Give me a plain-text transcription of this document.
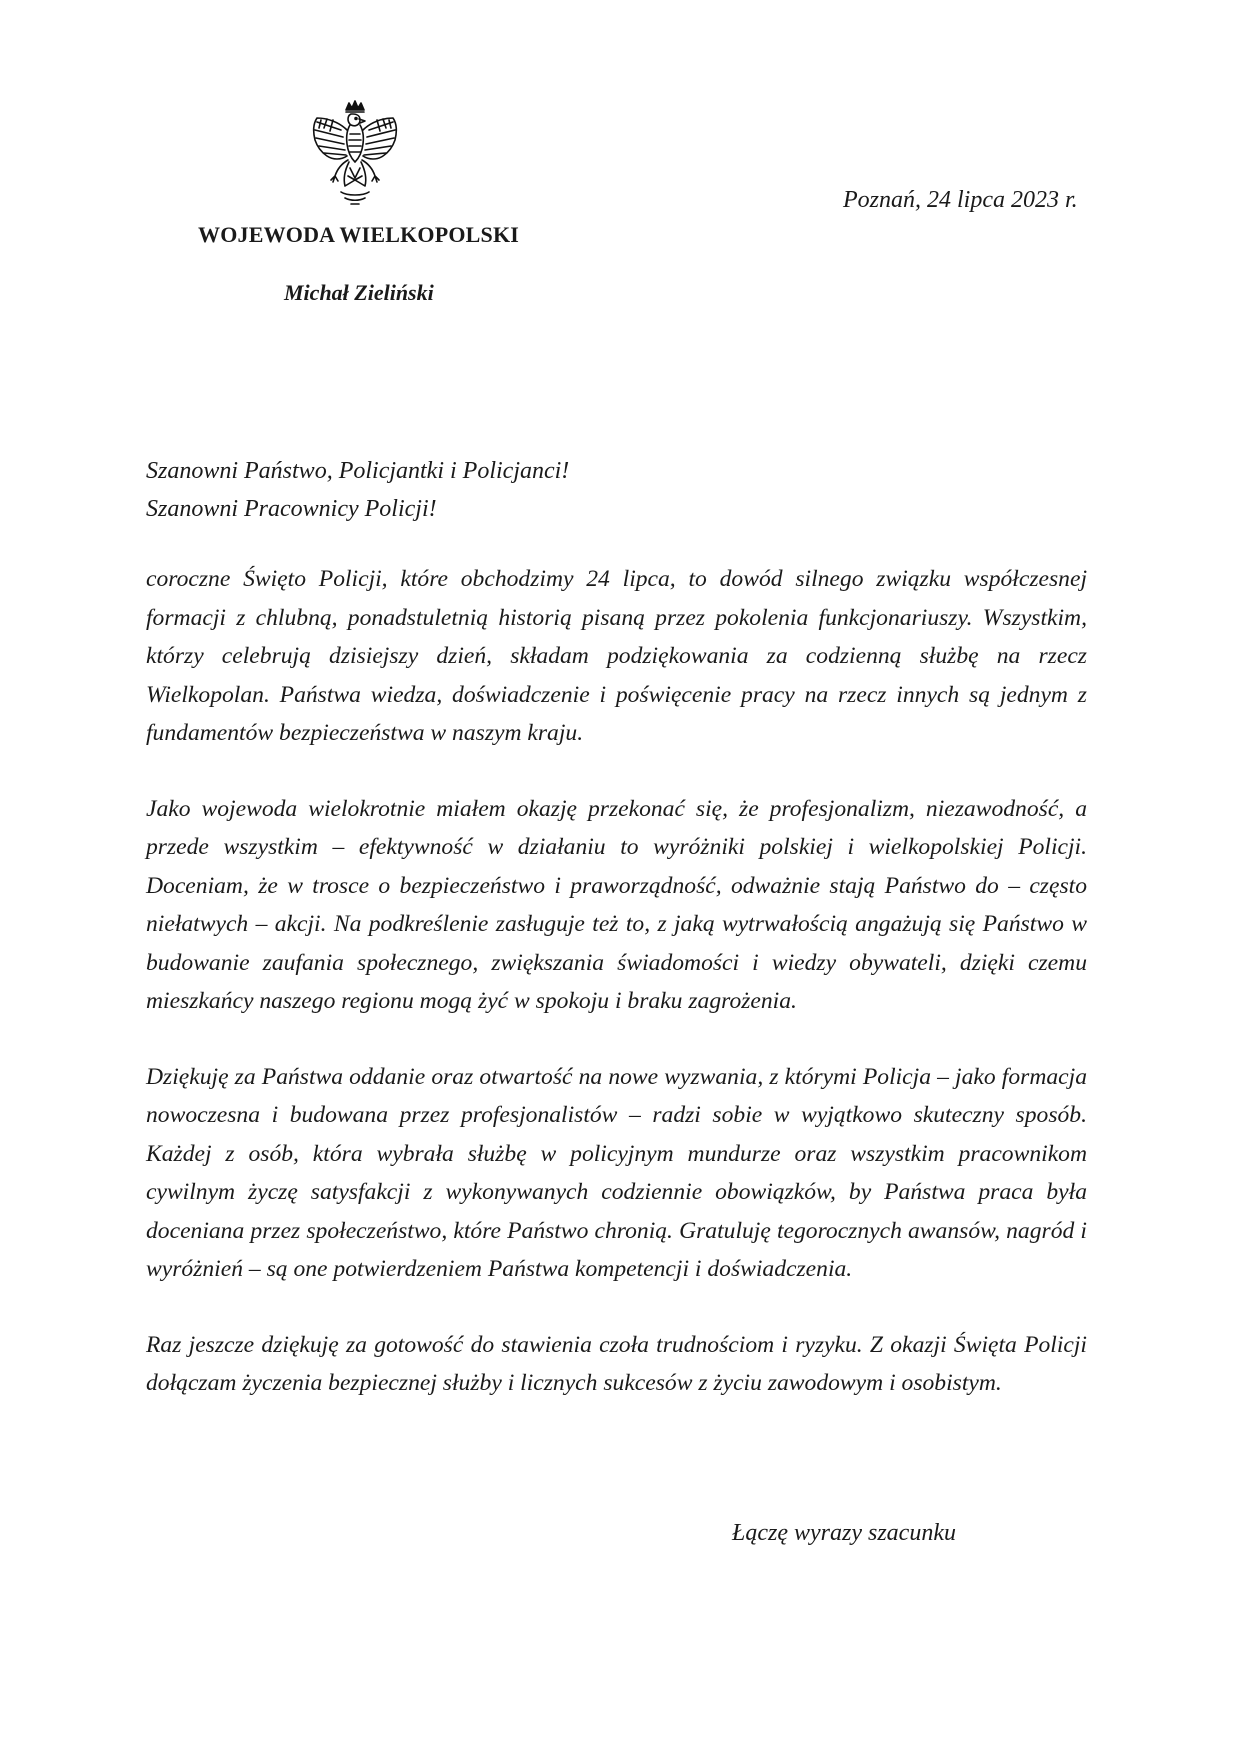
WOJEWODA WIELKOPOLSKI
Michał Zieliński
Poznań, 24 lipca 2023 r.
Szanowni Państwo, Policjantki i Policjanci!
Szanowni Pracownicy Policji!

coroczne Święto Policji, które obchodzimy 24 lipca, to dowód silnego związku współczesnej formacji z chlubną, ponadstuletnią historią pisaną przez pokolenia funkcjonariuszy. Wszystkim, którzy celebrują dzisiejszy dzień, składam podziękowania za codzienną służbę na rzecz Wielkopolan. Państwa wiedza, doświadczenie i poświęcenie pracy na rzecz innych są jednym z fundamentów bezpieczeństwa w naszym kraju.

Jako wojewoda wielokrotnie miałem okazję przekonać się, że profesjonalizm, niezawodność, a przede wszystkim – efektywność w działaniu to wyróżniki polskiej i wielkopolskiej Policji. Doceniam, że w trosce o bezpieczeństwo i praworządność, odważnie stają Państwo do – często niełatwych – akcji. Na podkreślenie zasługuje też to, z jaką wytrwałością angażują się Państwo w budowanie zaufania społecznego, zwiększania świadomości i wiedzy obywateli, dzięki czemu mieszkańcy naszego regionu mogą żyć w spokoju i braku zagrożenia.

Dziękuję za Państwa oddanie oraz otwartość na nowe wyzwania, z którymi Policja – jako formacja nowoczesna i budowana przez profesjonalistów – radzi sobie w wyjątkowo skuteczny sposób. Każdej z osób, która wybrała służbę w policyjnym mundurze oraz wszystkim pracownikom cywilnym życzę satysfakcji z wykonywanych codziennie obowiązków, by Państwa praca była doceniana przez społeczeństwo, które Państwo chronią. Gratuluję tegorocznych awansów, nagród i wyróżnień – są one potwierdzeniem Państwa kompetencji i doświadczenia.

Raz jeszcze dziękuję za gotowość do stawienia czoła trudnościom i ryzyku. Z okazji Święta Policji dołączam życzenia bezpiecznej służby i licznych sukcesów z życiu zawodowym i osobistym.

Łączę wyrazy szacunku
